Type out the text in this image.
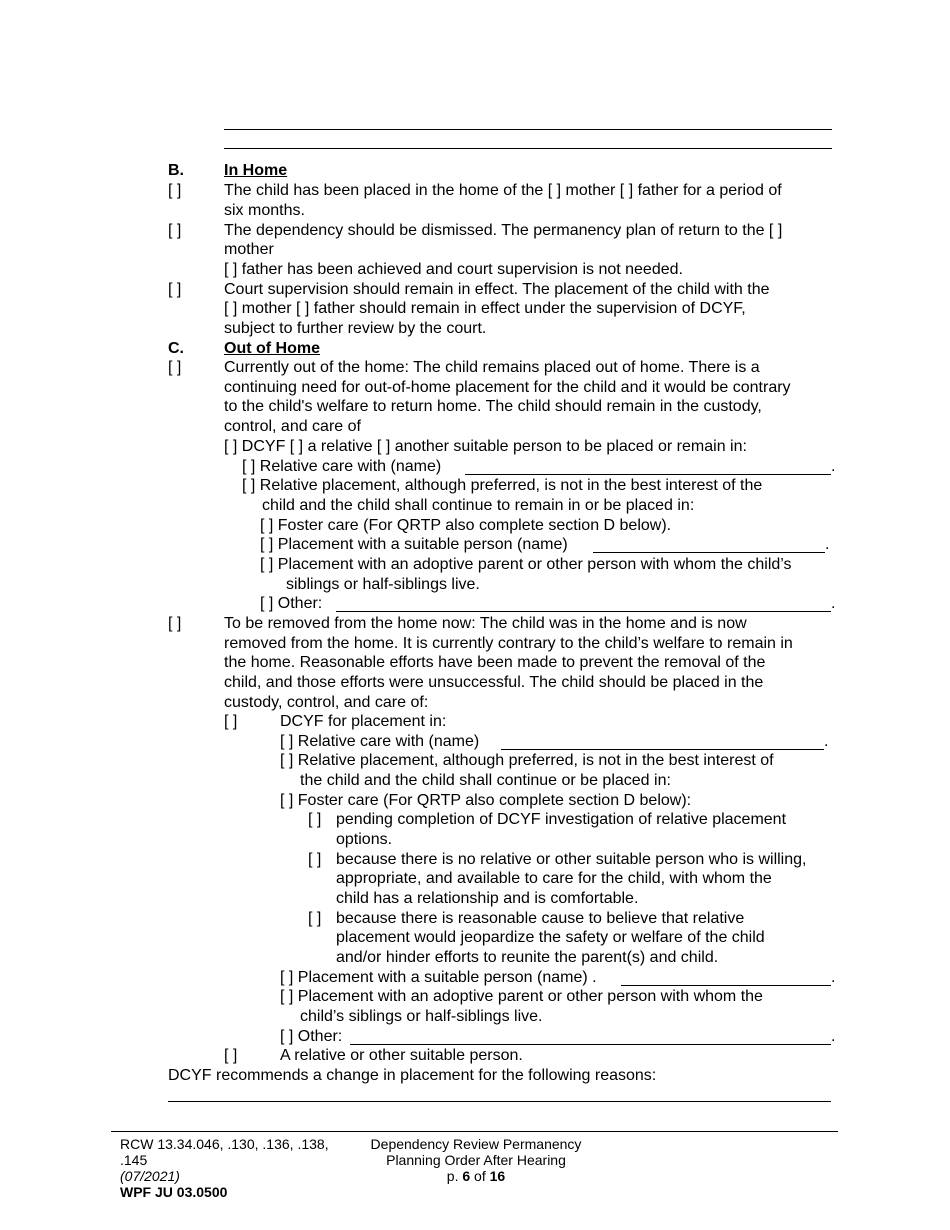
B.	In Home
[ ]	The child has been placed in the home of the [ ] mother [ ] father for a period of
six months.
[ ]	The dependency should be dismissed. The permanency plan of return to the [ ]
mother
[ ] father has been achieved and court supervision is not needed.
[ ]	Court supervision should remain in effect. The placement of the child with the
[ ] mother [ ] father should remain in effect under the supervision of DCYF,
subject to further review by the court.
C.	Out of Home
[ ]	Currently out of the home: The child remains placed out of home. There is a
continuing need for out-of-home placement for the child and it would be contrary
to the child's welfare to return home. The child should remain in the custody,
control, and care of
[ ] DCYF [ ] a relative [ ] another suitable person to be placed or remain in:
[ ] Relative care with (name)	.
[ ] Relative placement, although preferred, is not in the best interest of the
child and the child shall continue to remain in or be placed in:
[ ] Foster care (For QRTP also complete section D below).
[ ] Placement with a suitable person (name)	.
[ ] Placement with an adoptive parent or other person with whom the child’s
siblings or half-siblings live.
[ ] Other:	.
[ ]	To be removed from the home now: The child was in the home and is now
removed from the home. It is currently contrary to the child’s welfare to remain in
the home. Reasonable efforts have been made to prevent the removal of the
child, and those efforts were unsuccessful. The child should be placed in the
custody, control, and care of:
[ ]	DCYF for placement in:
[ ] Relative care with (name)	.
[ ] Relative placement, although preferred, is not in the best interest of
the child and the child shall continue or be placed in:
[ ] Foster care (For QRTP also complete section D below):
[ ] pending completion of DCYF investigation of relative placement
options.
[ ] because there is no relative or other suitable person who is willing,
appropriate, and available to care for the child, with whom the
child has a relationship and is comfortable.
[ ] because there is reasonable cause to believe that relative
placement would jeopardize the safety or welfare of the child
and/or hinder efforts to reunite the parent(s) and child.
[ ] Placement with a suitable person (name) .	.
[ ] Placement with an adoptive parent or other person with whom the
child’s siblings or half-siblings live.
[ ] Other:	.
[ ]	A relative or other suitable person.
DCYF recommends a change in placement for the following reasons:
RCW 13.34.046, .130, .136, .138,
.145
(07/2021)
WPF JU 03.0500
Dependency Review Permanency
Planning Order After Hearing
p. 6 of 16
